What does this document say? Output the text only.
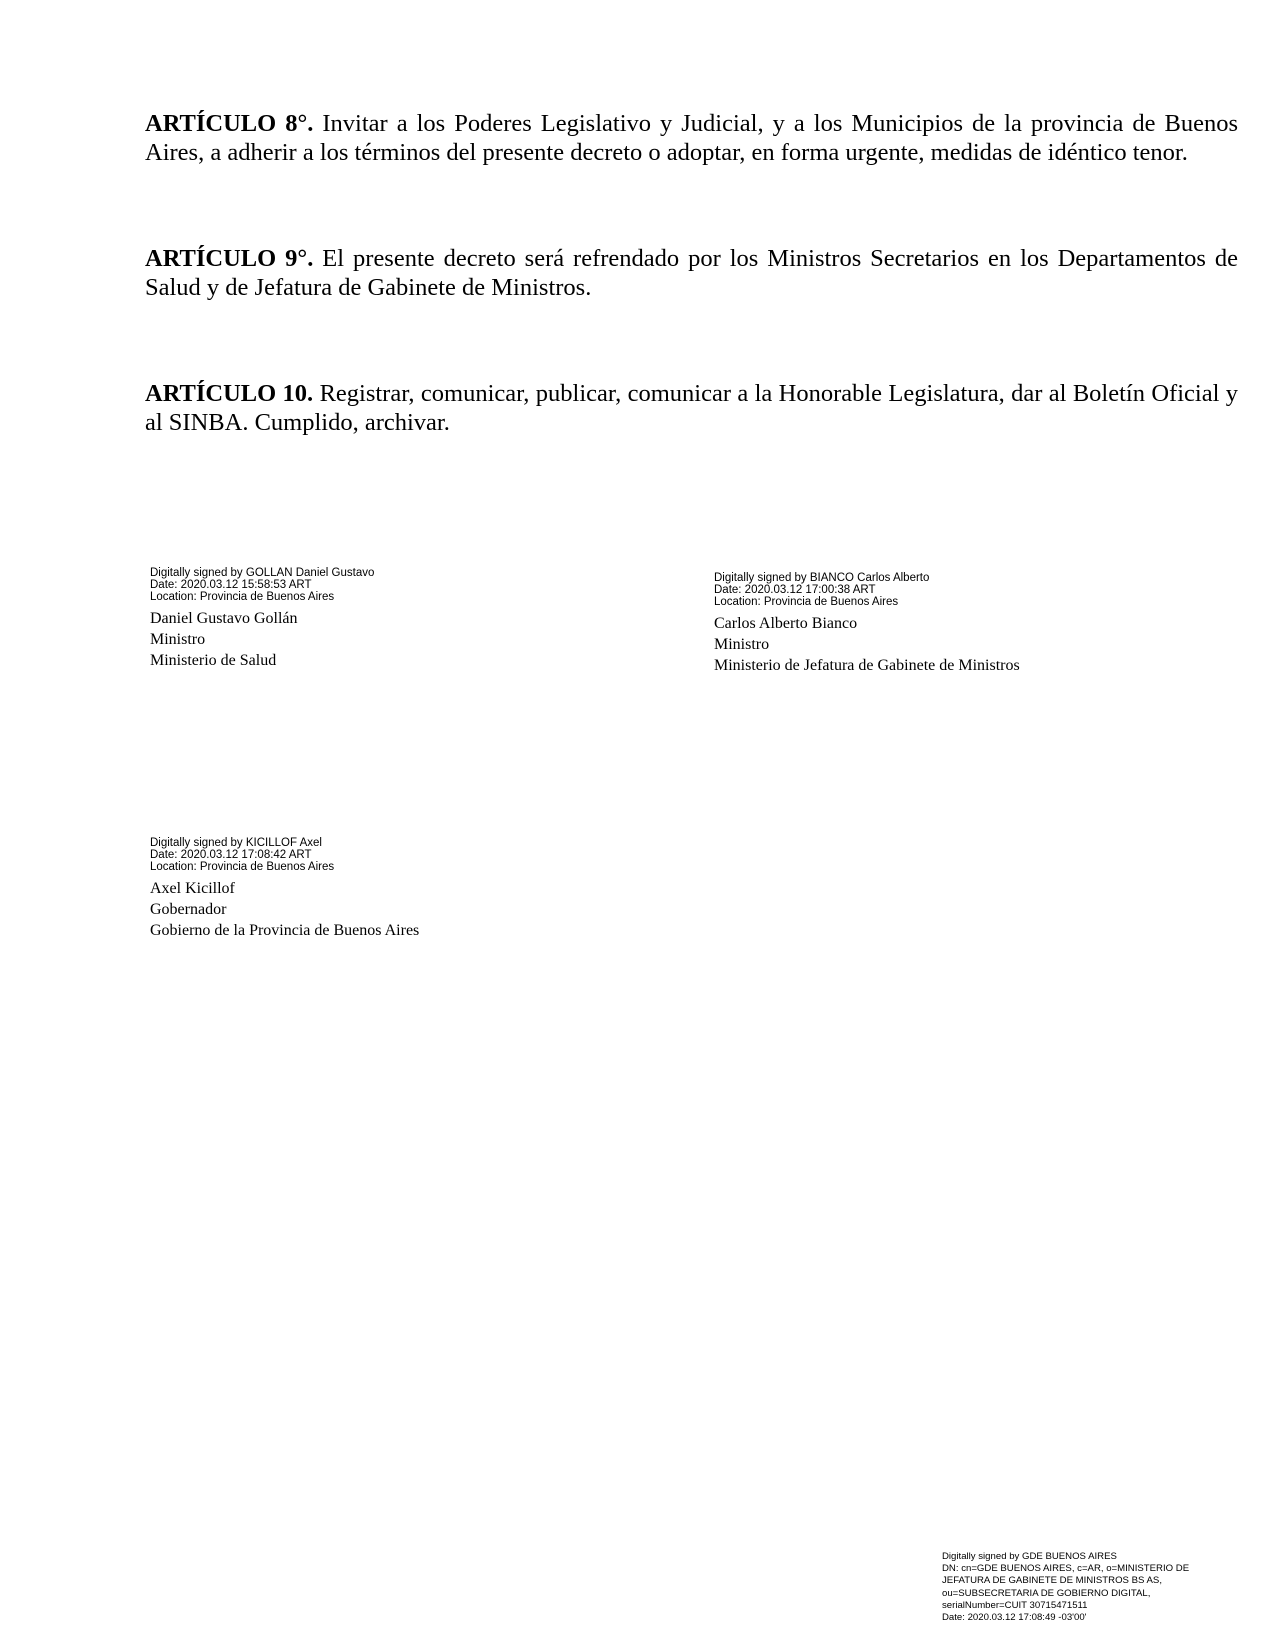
ARTÍCULO 8°. Invitar a los Poderes Legislativo y Judicial, y a los Municipios de la provincia de Buenos Aires, a adherir a los términos del presente decreto o adoptar, en forma urgente, medidas de idéntico tenor.
ARTÍCULO 9°. El presente decreto será refrendado por los Ministros Secretarios en los Departamentos de Salud y de Jefatura de Gabinete de Ministros.
ARTÍCULO 10. Registrar, comunicar, publicar, comunicar a la Honorable Legislatura, dar al Boletín Oficial y al SINBA. Cumplido, archivar.
Digitally signed by GOLLAN Daniel Gustavo
Date: 2020.03.12 15:58:53 ART
Location: Provincia de Buenos Aires
Daniel Gustavo Gollán
Ministro
Ministerio de Salud
Digitally signed by BIANCO Carlos Alberto
Date: 2020.03.12 17:00:38 ART
Location: Provincia de Buenos Aires
Carlos Alberto Bianco
Ministro
Ministerio de Jefatura de Gabinete de Ministros
Digitally signed by KICILLOF Axel
Date: 2020.03.12 17:08:42 ART
Location: Provincia de Buenos Aires
Axel Kicillof
Gobernador
Gobierno de la Provincia de Buenos Aires
Digitally signed by GDE BUENOS AIRES
DN: cn=GDE BUENOS AIRES, c=AR, o=MINISTERIO DE
JEFATURA DE GABINETE DE MINISTROS BS AS,
ou=SUBSECRETARIA DE GOBIERNO DIGITAL,
serialNumber=CUIT 30715471511
Date: 2020.03.12 17:08:49 -03'00'
